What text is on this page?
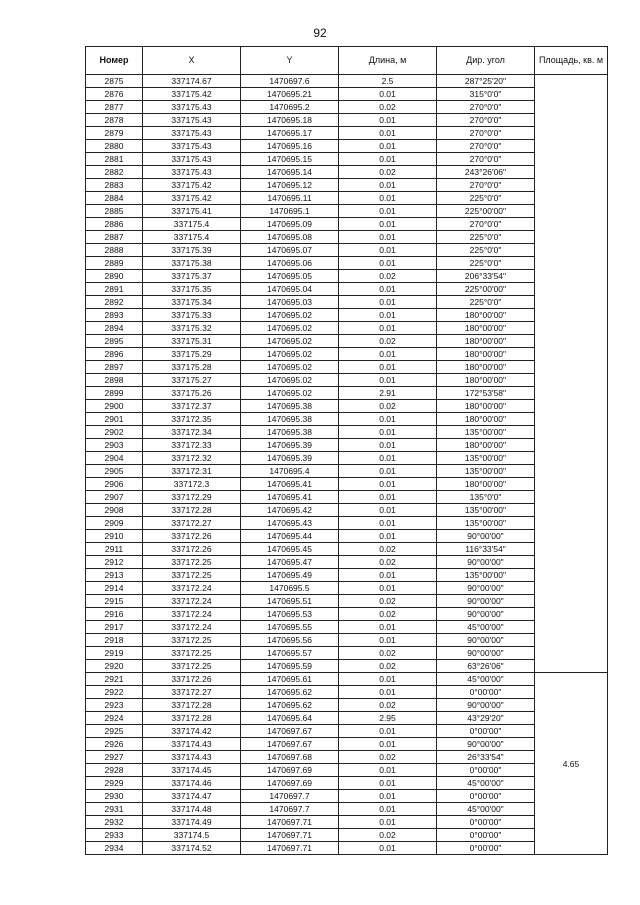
92
Номер	X	Y	Длина, м	Дир. угол	Площадь, кв. м
2875	337174.67	1470697.6	2.5	287°25'20"	
2876	337175.42	1470695.21	0.01	315°0'0"	
2877	337175.43	1470695.2	0.02	270°0'0"	
2878	337175.43	1470695.18	0.01	270°0'0"	
2879	337175.43	1470695.17	0.01	270°0'0"	
2880	337175.43	1470695.16	0.01	270°0'0"	
2881	337175.43	1470695.15	0.01	270°0'0"	
2882	337175.43	1470695.14	0.02	243°26'06"	
2883	337175.42	1470695.12	0.01	270°0'0"	
2884	337175.42	1470695.11	0.01	225°0'0"	
2885	337175.41	1470695.1	0.01	225°00'00"	
2886	337175.4	1470695.09	0.01	270°0'0"	
2887	337175.4	1470695.08	0.01	225°0'0"	
2888	337175.39	1470695.07	0.01	225°0'0"	
2889	337175.38	1470695.06	0.01	225°0'0"	
2890	337175.37	1470695.05	0.02	206°33'54"	
2891	337175.35	1470695.04	0.01	225°00'00"	
2892	337175.34	1470695.03	0.01	225°0'0"	
2893	337175.33	1470695.02	0.01	180°00'00"	
2894	337175.32	1470695.02	0.01	180°00'00"	
2895	337175.31	1470695.02	0.02	180°00'00"	
2896	337175.29	1470695.02	0.01	180°00'00"	
2897	337175.28	1470695.02	0.01	180°00'00"	
2898	337175.27	1470695.02	0.01	180°00'00"	
2899	337175.26	1470695.02	2.91	172°53'58"	
2900	337172.37	1470695.38	0.02	180°00'00"	
2901	337172.35	1470695.38	0.01	180°00'00"	
2902	337172.34	1470695.38	0.01	135°00'00"	
2903	337172.33	1470695.39	0.01	180°00'00"	
2904	337172.32	1470695.39	0.01	135°00'00"	
2905	337172.31	1470695.4	0.01	135°00'00"	
2906	337172.3	1470695.41	0.01	180°00'00"	
2907	337172.29	1470695.41	0.01	135°0'0"	
2908	337172.28	1470695.42	0.01	135°00'00"	
2909	337172.27	1470695.43	0.01	135°00'00"	
2910	337172.26	1470695.44	0.01	90°00'00"	
2911	337172.26	1470695.45	0.02	116°33'54"	
2912	337172.25	1470695.47	0.02	90°00'00"	
2913	337172.25	1470695.49	0.01	135°00'00"	
2914	337172.24	1470695.5	0.01	90°00'00"	
2915	337172.24	1470695.51	0.02	90°00'00"	
2916	337172.24	1470695.53	0.02	90°00'00"	
2917	337172.24	1470695.55	0.01	45°00'00"	
2918	337172.25	1470695.56	0.01	90°00'00"	
2919	337172.25	1470695.57	0.02	90°00'00"	
2920	337172.25	1470695.59	0.02	63°26'06"	
2921	337172.26	1470695.61	0.01	45°00'00"	4.65
2922	337172.27	1470695.62	0.01	0°00'00"	
2923	337172.28	1470695.62	0.02	90°00'00"	
2924	337172.28	1470695.64	2.95	43°29'20"	
2925	337174.42	1470697.67	0.01	0°00'00"	
2926	337174.43	1470697.67	0.01	90°00'00"	
2927	337174.43	1470697.68	0.02	26°33'54"	
2928	337174.45	1470697.69	0.01	0°00'00"	
2929	337174.46	1470697.69	0.01	45°00'00"	
2930	337174.47	1470697.7	0.01	0°00'00"	
2931	337174.48	1470697.7	0.01	45°00'00"	
2932	337174.49	1470697.71	0.01	0°00'00"	
2933	337174.5	1470697.71	0.02	0°00'00"	
2934	337174.52	1470697.71	0.01	0°00'00"	
